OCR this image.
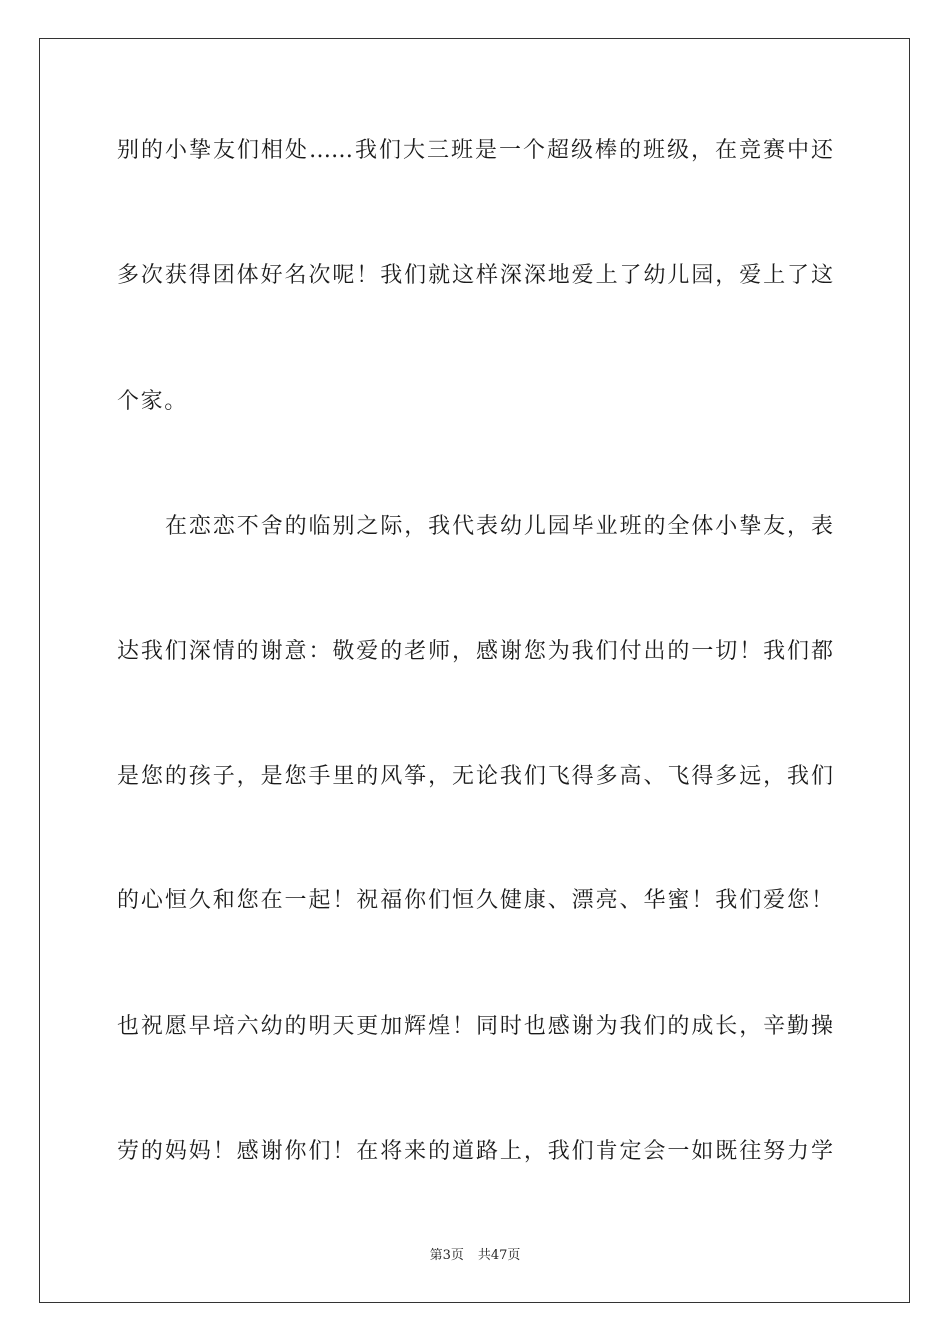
别的小挚友们相处……我们大三班是一个超级棒的班级，在竞赛中还
多次获得团体好名次呢！我们就这样深深地爱上了幼儿园，爱上了这
个家。
在恋恋不舍的临别之际，我代表幼儿园毕业班的全体小挚友，表
达我们深情的谢意：敬爱的老师，感谢您为我们付出的一切！我们都
是您的孩子，是您手里的风筝，无论我们飞得多高、飞得多远，我们
的心恒久和您在一起！祝福你们恒久健康、漂亮、华蜜！我们爱您！
也祝愿早培六幼的明天更加辉煌！同时也感谢为我们的成长，辛勤操
劳的妈妈！感谢你们！在将来的道路上，我们肯定会一如既往努力学
第3页 共47页
